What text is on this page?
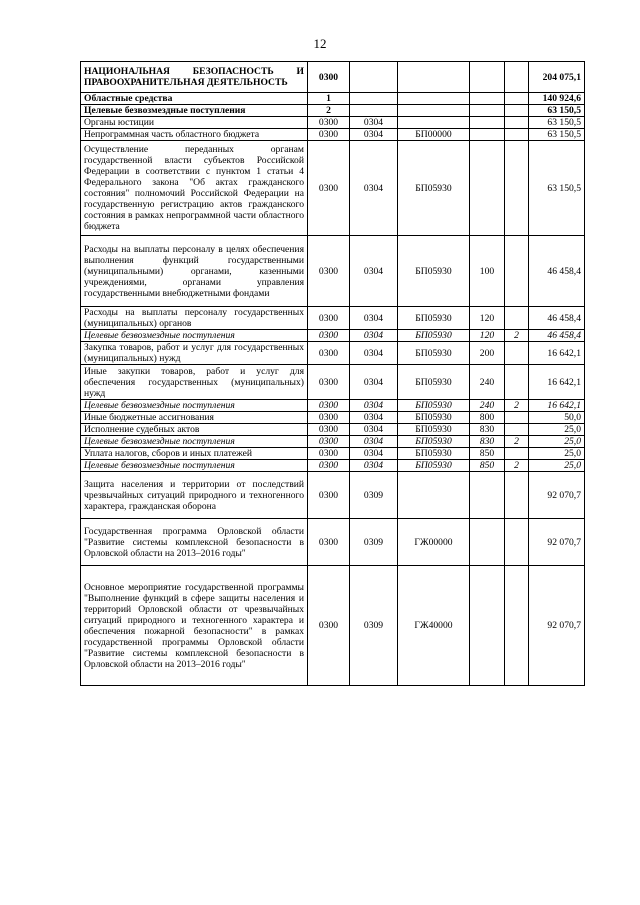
12
НАЦИОНАЛЬНАЯ БЕЗОПАСНОСТЬ И ПРАВООХРАНИТЕЛЬНАЯ ДЕЯТЕЛЬНОСТЬ	0300					204 075,1
Областные средства	1					140 924,6
Целевые безвозмездные поступления	2					63 150,5
Органы юстиции	0300	0304				63 150,5
Непрограммная часть областного бюджета	0300	0304	БП00000			63 150,5
Осуществление переданных органам государственной власти субъектов Российской Федерации в соответствии с пунктом 1 статьи 4 Федерального закона "Об актах гражданского состояния" полномочий Российской Федерации на государственную регистрацию актов гражданского состояния в рамках непрограммной части областного бюджета	0300	0304	БП05930			63 150,5
Расходы на выплаты персоналу в целях обеспечения выполнения функций государственными (муниципальными) органами, казенными учреждениями, органами управления государственными внебюджетными фондами	0300	0304	БП05930	100		46 458,4
Расходы на выплаты персоналу государственных (муниципальных) органов	0300	0304	БП05930	120		46 458,4
Целевые безвозмездные поступления	0300	0304	БП05930	120	2	46 458,4
Закупка товаров, работ и услуг для государственных (муниципальных) нужд	0300	0304	БП05930	200		16 642,1
Иные закупки товаров, работ и услуг для обеспечения государственных (муниципальных) нужд	0300	0304	БП05930	240		16 642,1
Целевые безвозмездные поступления	0300	0304	БП05930	240	2	16 642,1
Иные бюджетные ассигнования	0300	0304	БП05930	800		50,0
Исполнение судебных актов	0300	0304	БП05930	830		25,0
Целевые безвозмездные поступления	0300	0304	БП05930	830	2	25,0
Уплата налогов, сборов и иных платежей	0300	0304	БП05930	850		25,0
Целевые безвозмездные поступления	0300	0304	БП05930	850	2	25,0
Защита населения и территории от последствий чрезвычайных ситуаций природного и техногенного характера, гражданская оборона	0300	0309				92 070,7
Государственная программа Орловской области "Развитие системы комплексной безопасности в Орловской области на 2013–2016 годы"	0300	0309	ГЖ00000			92 070,7
Основное мероприятие государственной программы "Выполнение функций в сфере защиты населения и территорий Орловской области от чрезвычайных ситуаций природного и техногенного характера и обеспечения пожарной безопасности" в рамках государственной программы Орловской области "Развитие системы комплексной безопасности в Орловской области на 2013–2016 годы"	0300	0309	ГЖ40000			92 070,7
